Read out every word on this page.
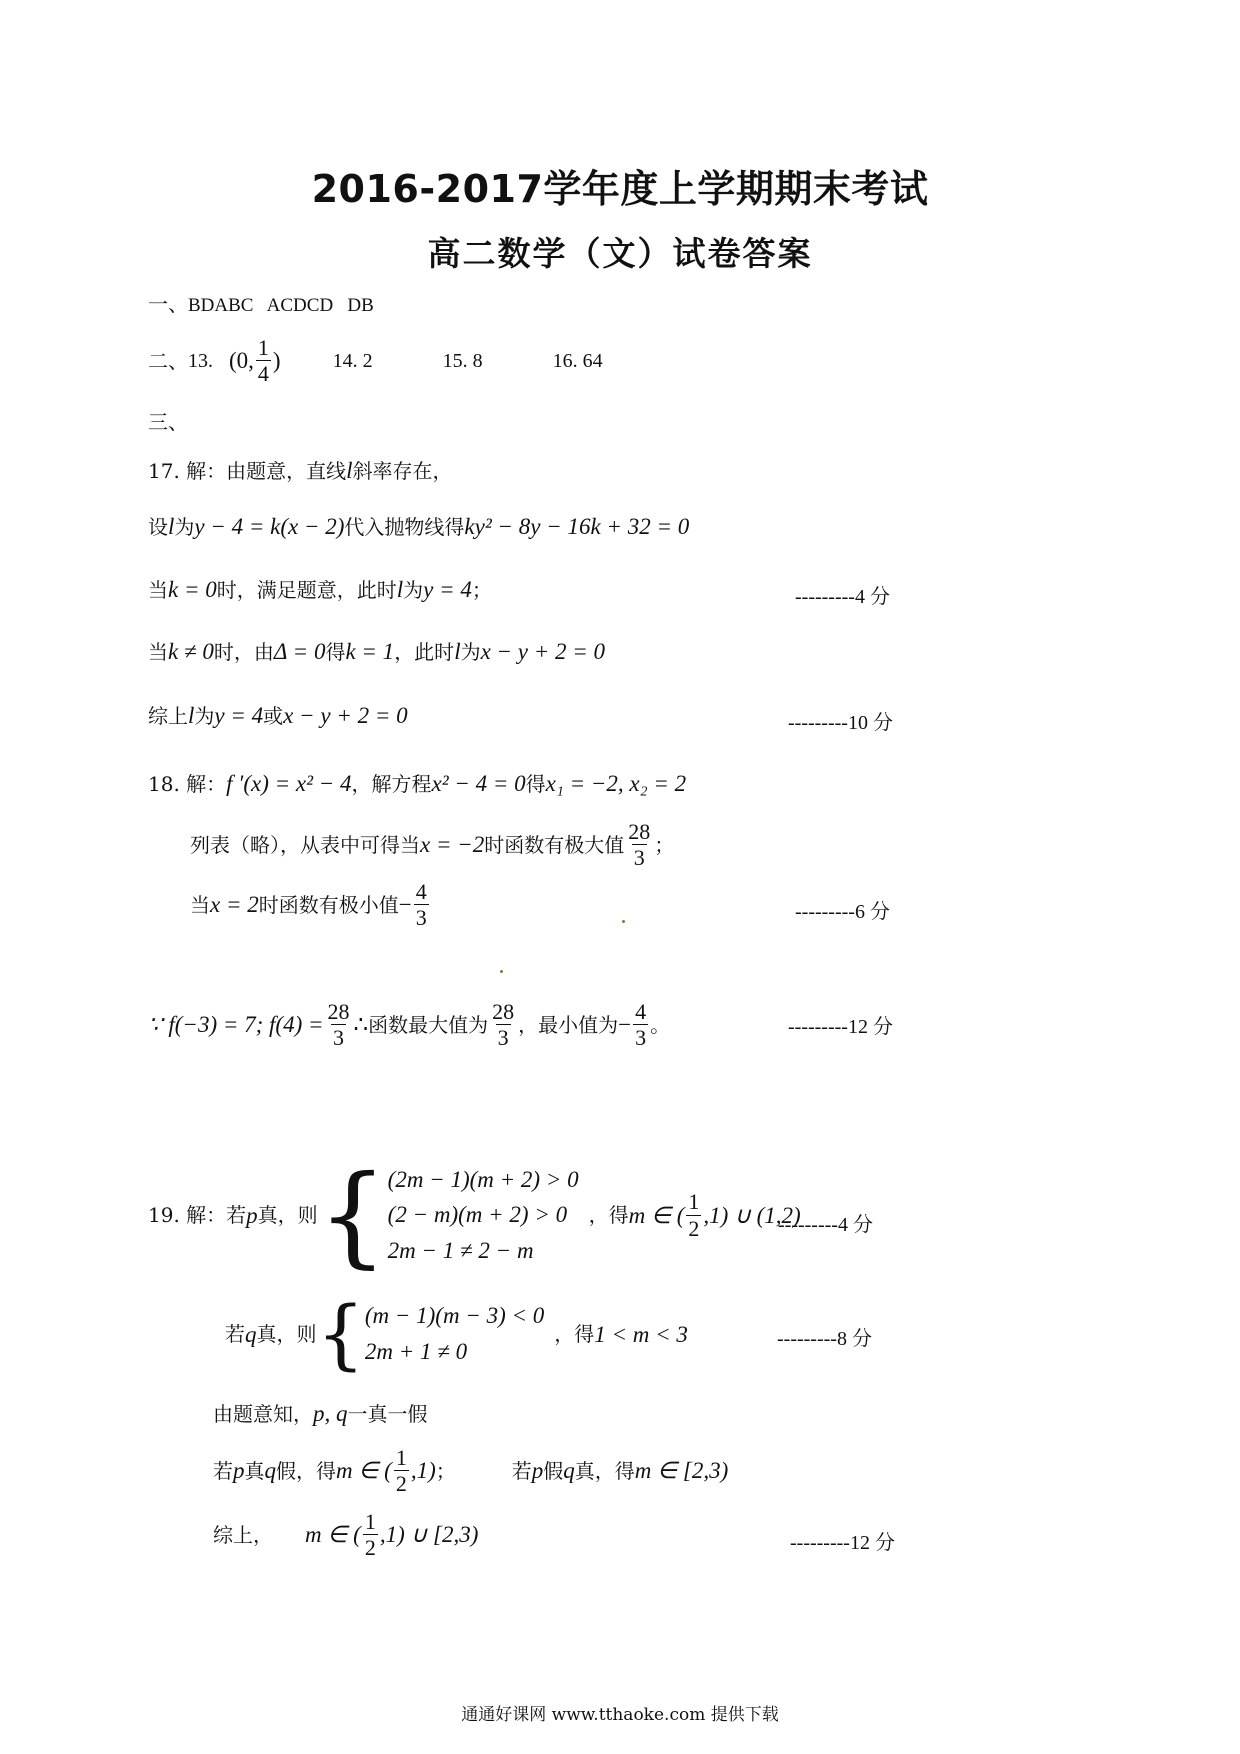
2016-2017学年度上学期期末考试
高二数学（文）试卷答案
一、BDABC   ACDCD   DB
二、 13. (0, $\frac{1}{4}$ )	14. 2	15. 8	16. 64
三、
17. 解：由题意，直线l斜率存在，
设l为y − 4 = k(x − 2)代入抛物线得ky² − 8y − 16k + 32 = 0
当k = 0时，满足题意，此时l为y = 4；	---------4 分
当k ≠ 0时，由Δ = 0得k = 1，此时l为x − y + 2 = 0
综上l为y = 4或x − y + 2 = 0	---------10 分
18. 解：f ′(x) = x² − 4，解方程x² − 4 = 0得x₁ = −2, x₂ = 2
列表（略），从表中可得当 x = −2 时函数有极大值 $\frac{28}{3}$ ；
当 x = 2 时函数有极小值 − $\frac{4}{3}$	---------6 分
∵ f(−3) = 7; $f(4) = \frac{28}{3}$ ∴ 函数最大值为 $\frac{28}{3}$ ，最小值为 − $\frac{4}{3}$ 。	---------12 分
19. 解：若 p 真，则 { (2m − 1)(m + 2) > 0
(2 − m)(m + 2) > 0
2m − 1 ≠ 2 − m
，得 m ∈ ( $\frac{1}{2} ,1$) ∪ (1,2)
---------4 分
若 q 真，则 { (m − 1)(m − 3) < 0
2m + 1 ≠ 0
，得 1 < m < 3	---------8 分
由题意知，p, q一真一假
若 p 真 q 假，得 m ∈ ( $\frac{1}{2} ,1$) ；	若 p 假 q 真，得 m ∈ [2,3)
综上， m ∈ ( $\frac{1}{2} ,1$) ∪ [2,3)	---------12 分
通通好课网 www.tthaoke.com 提供下载
